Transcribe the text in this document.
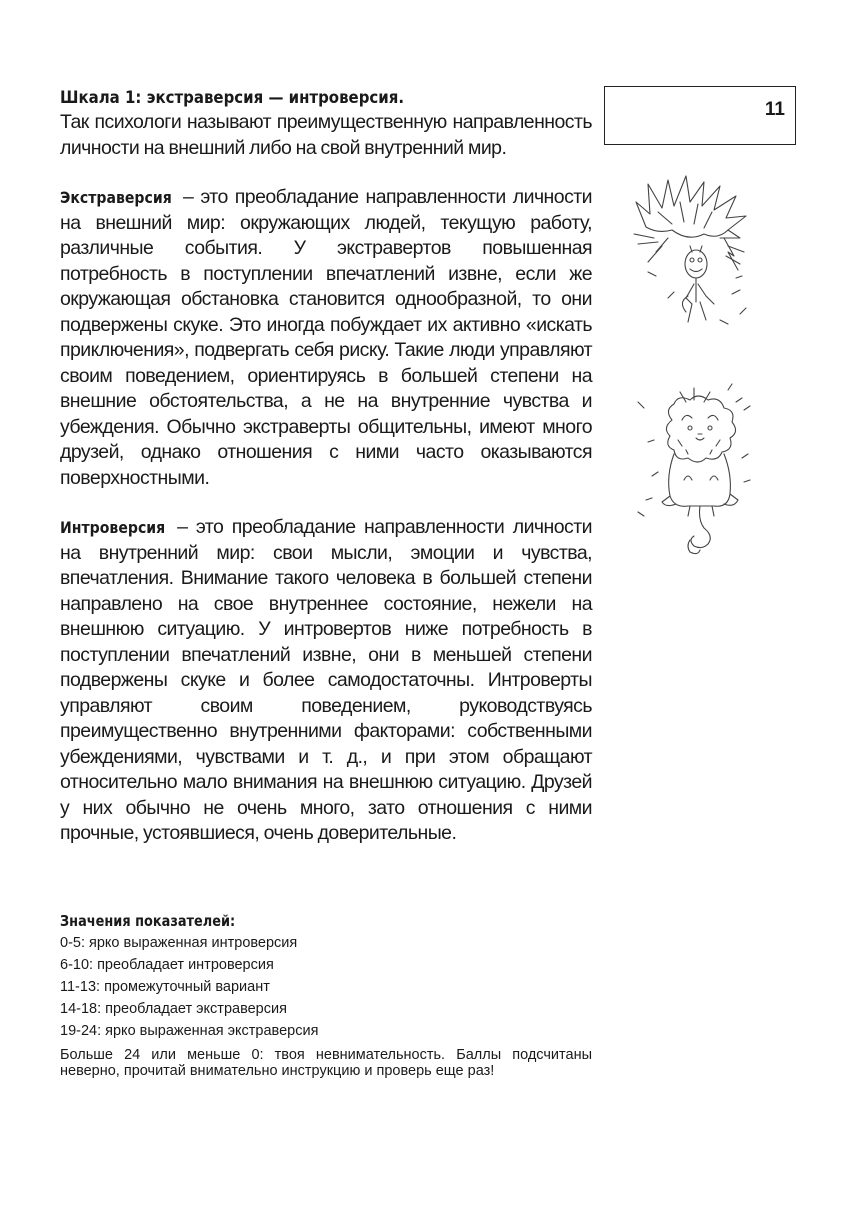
11
Шкала 1: экстраверсия — интроверсия.

Так психологи называют преимущественную направленность личности на внешний либо на свой внутренний мир.

Экстраверсия – это преобладание направленности личности на внешний мир: окружающих людей, текущую работу, различные события. У экстравертов повышенная потребность в поступлении впечатлений извне, если же окружающая обстановка становится однообразной, то они подвержены скуке. Это иногда побуждает их активно «искать приключения», подвергать себя риску. Такие люди управляют своим поведением, ориентируясь в большей степени на внешние обстоятельства, а не на внутренние чувства и убеждения. Обычно экстраверты общительны, имеют много друзей, однако отношения с ними часто оказываются поверхностными.

Интроверсия – это преобладание направленности личности на внутренний мир: свои мысли, эмоции и чувства, впечатления. Внимание такого человека в большей степени направлено на свое внутреннее состояние, нежели на внешнюю ситуацию. У интровертов ниже потребность в поступлении впечатлений извне, они в меньшей степени подвержены скуке и более самодостаточны. Интроверты управляют своим поведением, руководствуясь преимущественно внутренними факторами: собственными убеждениями, чувствами и т. д., и при этом обращают относительно мало внимания на внешнюю ситуацию. Друзей у них обычно не очень много, зато отношения с ними прочные, устоявшиеся, очень доверительные.

Значения показателей:

0-5: ярко выраженная интроверсия

6-10: преобладает интроверсия

11-13: промежуточный вариант

14-18: преобладает экстраверсия

19-24: ярко выраженная экстраверсия

Больше 24 или меньше 0: твоя невнимательность. Баллы подсчитаны неверно, прочитай внимательно инструкцию и проверь еще раз!
